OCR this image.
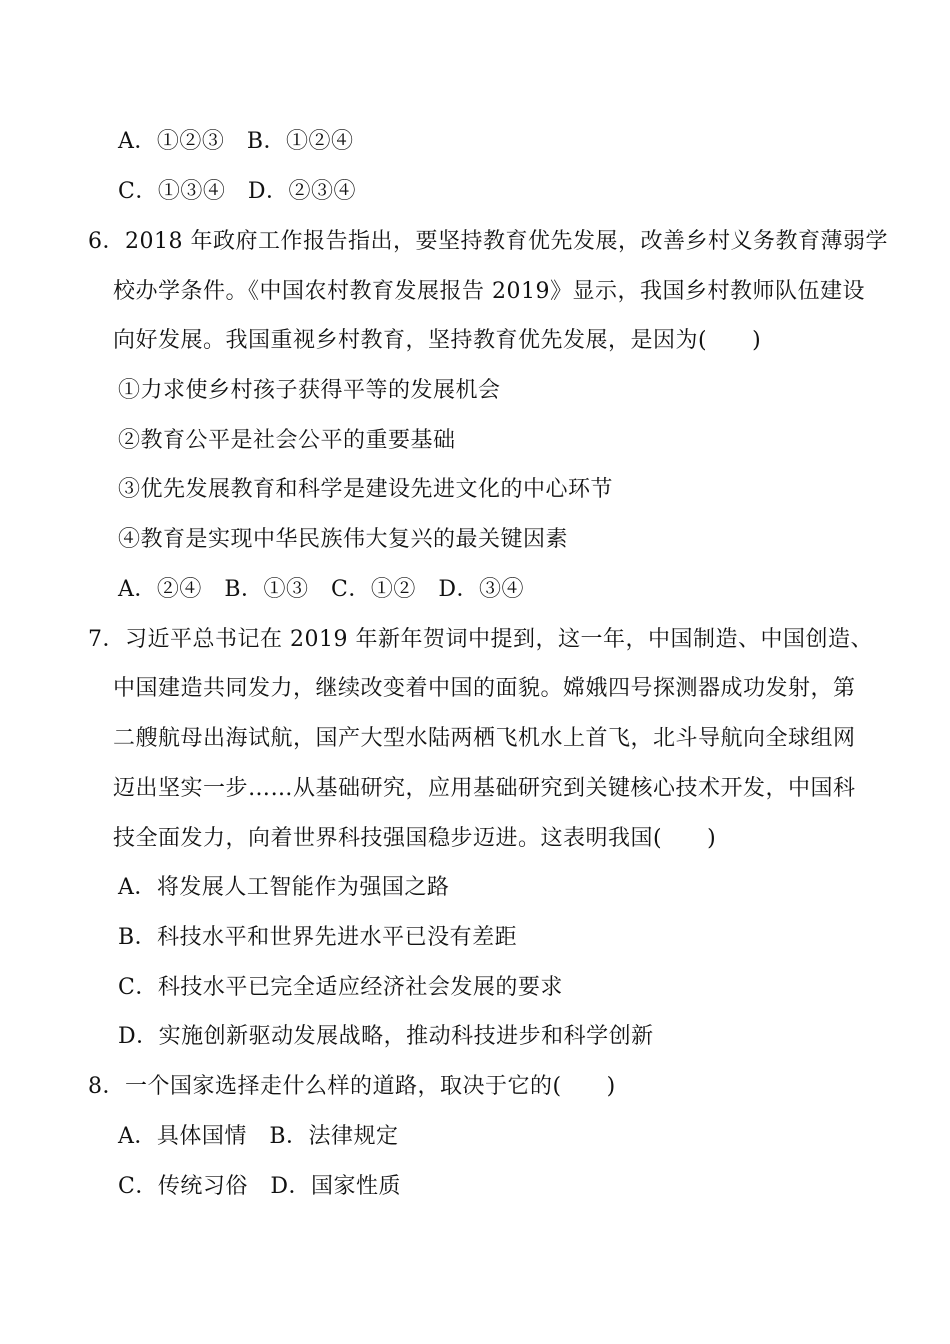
A．①②③　B．①②④
C．①③④　D．②③④
6．2018 年政府工作报告指出，要坚持教育优先发展，改善乡村义务教育薄弱学
校办学条件。《中国农村教育发展报告 2019》显示，我国乡村教师队伍建设
向好发展。我国重视乡村教育，坚持教育优先发展，是因为(　　)
①力求使乡村孩子获得平等的发展机会
②教育公平是社会公平的重要基础
③优先发展教育和科学是建设先进文化的中心环节
④教育是实现中华民族伟大复兴的最关键因素
A．②④　B．①③　C．①②　D．③④
7．习近平总书记在 2019 年新年贺词中提到，这一年，中国制造、中国创造、
中国建造共同发力，继续改变着中国的面貌。嫦娥四号探测器成功发射，第
二艘航母出海试航，国产大型水陆两栖飞机水上首飞，北斗导航向全球组网
迈出坚实一步……从基础研究，应用基础研究到关键核心技术开发，中国科
技全面发力，向着世界科技强国稳步迈进。这表明我国(　　)
A．将发展人工智能作为强国之路
B．科技水平和世界先进水平已没有差距
C．科技水平已完全适应经济社会发展的要求
D．实施创新驱动发展战略，推动科技进步和科学创新
8．一个国家选择走什么样的道路，取决于它的(　　)
A．具体国情　B．法律规定
C．传统习俗　D．国家性质
